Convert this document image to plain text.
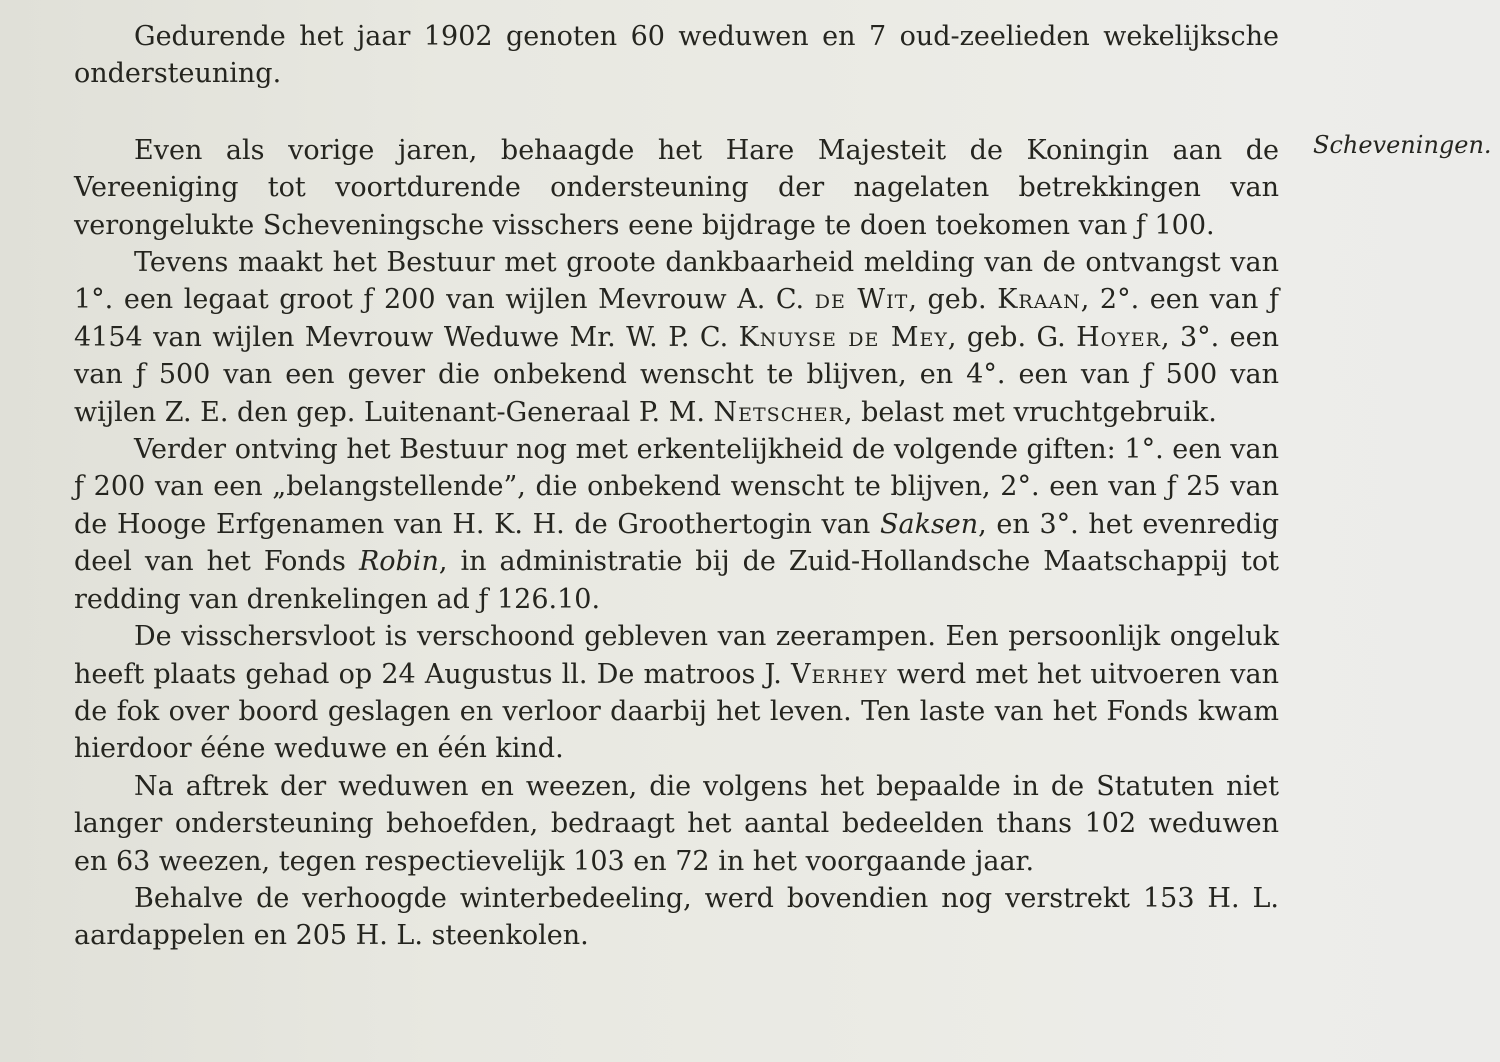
Gedurende het jaar 1902 genoten 60 weduwen en 7 oud-zeelieden wekelijksche ondersteuning.

Even als vorige jaren, behaagde het Hare Majesteit de Koningin aan de Vereeniging tot voortdurende ondersteuning der nagelaten betrekkingen van verongelukte Scheveningsche visschers eene bijdrage te doen toekomen van ƒ 100.

Tevens maakt het Bestuur met groote dankbaarheid melding van de ontvangst van 1°. een legaat groot ƒ 200 van wijlen Mevrouw A. C. de Wit, geb. Kraan, 2°. een van ƒ 4154 van wijlen Mevrouw Weduwe Mr. W. P. C. Knuyse de Mey, geb. G. Hoyer, 3°. een van ƒ 500 van een gever die onbekend wenscht te blijven, en 4°. een van ƒ 500 van wijlen Z. E. den gep. Luitenant-Generaal P. M. Netscher, belast met vruchtgebruik.

Verder ontving het Bestuur nog met erkentelijkheid de volgende giften: 1°. een van ƒ 200 van een „belangstellende”, die onbekend wenscht te blijven, 2°. een van ƒ 25 van de Hooge Erfgenamen van H. K. H. de Groothertogin van Saksen, en 3°. het evenredig deel van het Fonds Robin, in administratie bij de Zuid-Hollandsche Maatschappij tot redding van drenkelingen ad ƒ 126.10.

De visschersvloot is verschoond gebleven van zeerampen. Een persoonlijk ongeluk heeft plaats gehad op 24 Augustus ll. De matroos J. Verhey werd met het uitvoeren van de fok over boord geslagen en verloor daarbij het leven. Ten laste van het Fonds kwam hierdoor ééne weduwe en één kind.

Na aftrek der weduwen en weezen, die volgens het bepaalde in de Statuten niet langer ondersteuning behoefden, bedraagt het aantal bedeelden thans 102 weduwen en 63 weezen, tegen respectievelijk 103 en 72 in het voorgaande jaar.

Behalve de verhoogde winterbedeeling, werd bovendien nog verstrekt 153 H. L. aardappelen en 205 H. L. steenkolen.

Scheveningen.
